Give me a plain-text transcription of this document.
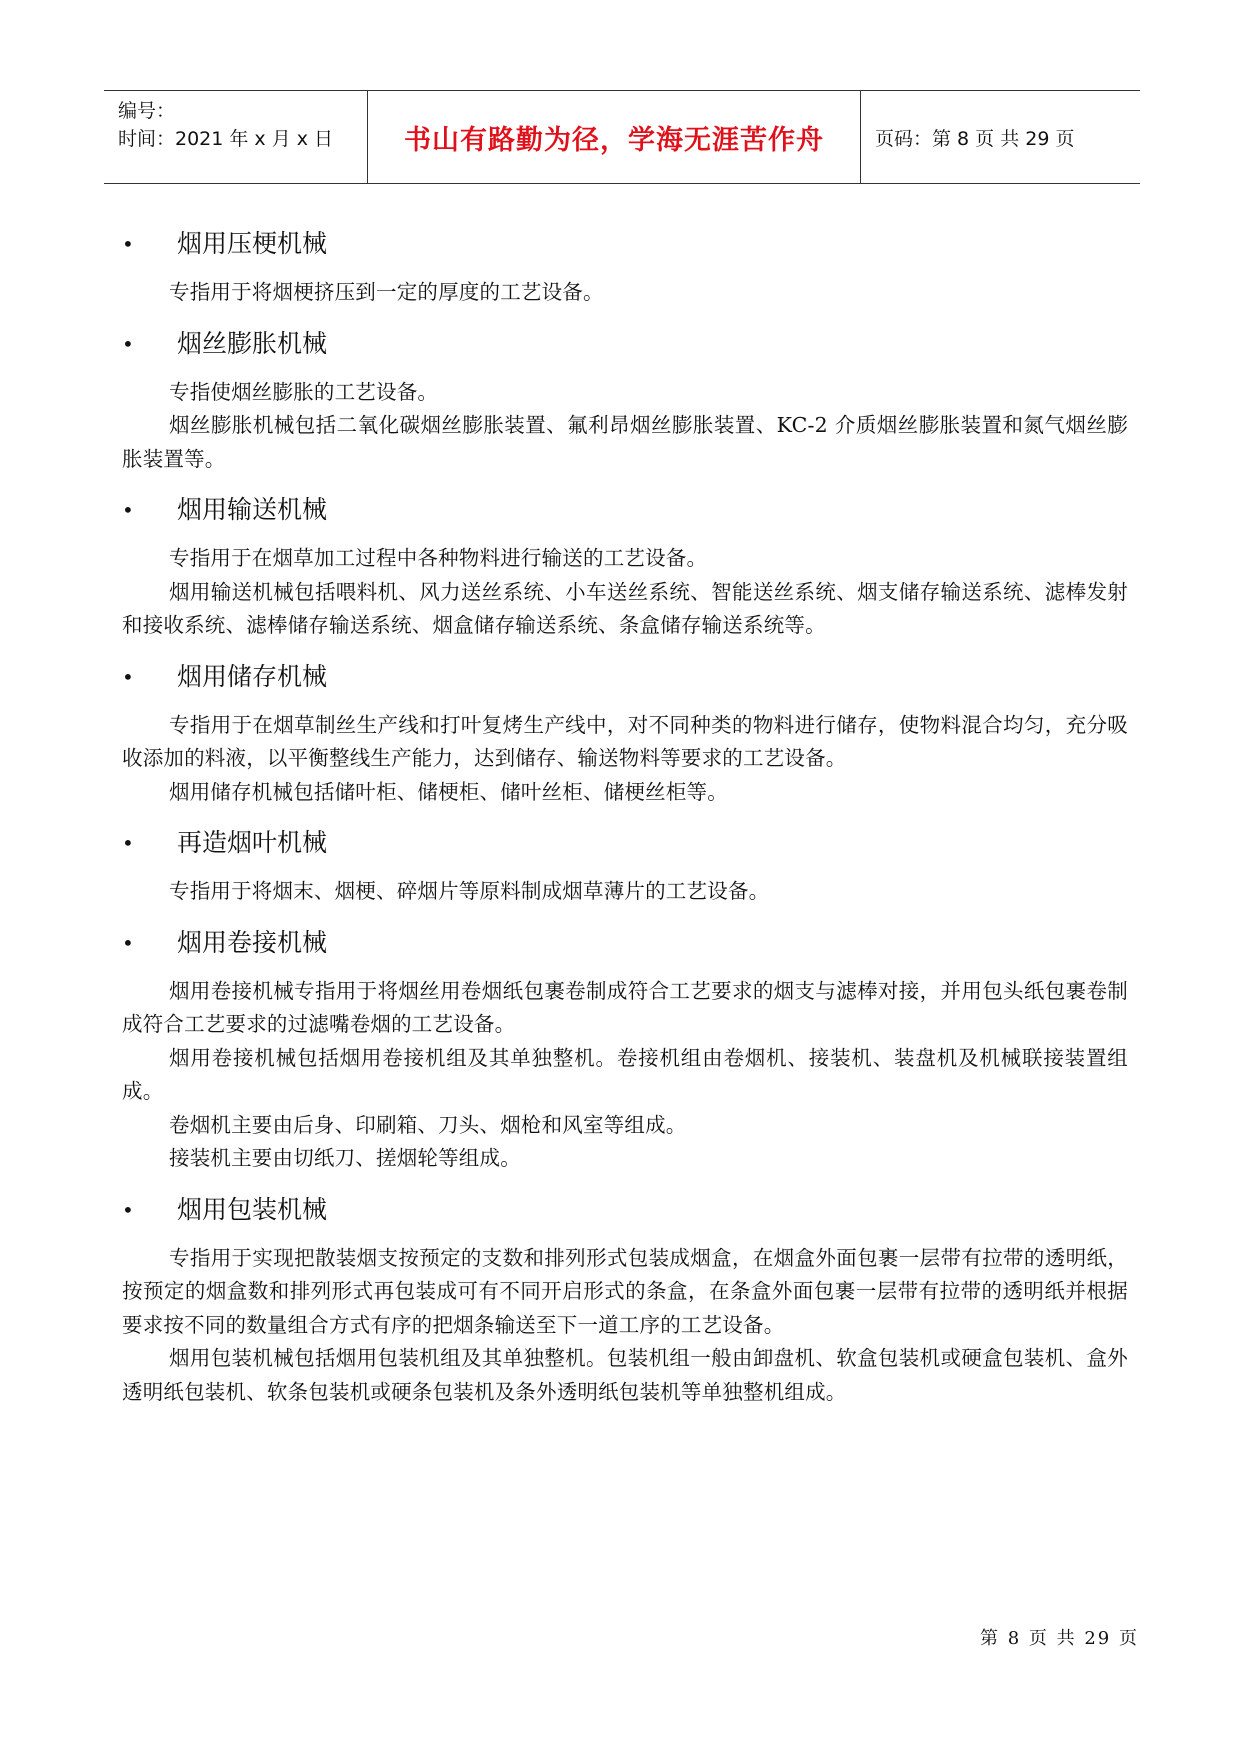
编号：
时间：2021 年 x 月 x 日	书山有路勤为径，学海无涯苦作舟	页码：第 8 页 共 29 页
• 烟用压梗机械

专指用于将烟梗挤压到一定的厚度的工艺设备。

• 烟丝膨胀机械

专指使烟丝膨胀的工艺设备。

烟丝膨胀机械包括二氧化碳烟丝膨胀装置、氟利昂烟丝膨胀装置、KC-2 介质烟丝膨胀装置和氮气烟丝膨胀装置等。

• 烟用输送机械

专指用于在烟草加工过程中各种物料进行输送的工艺设备。

烟用输送机械包括喂料机、风力送丝系统、小车送丝系统、智能送丝系统、烟支储存输送系统、滤棒发射和接收系统、滤棒储存输送系统、烟盒储存输送系统、条盒储存输送系统等。

• 烟用储存机械

专指用于在烟草制丝生产线和打叶复烤生产线中，对不同种类的物料进行储存，使物料混合均匀，充分吸收添加的料液，以平衡整线生产能力，达到储存、输送物料等要求的工艺设备。

烟用储存机械包括储叶柜、储梗柜、储叶丝柜、储梗丝柜等。

• 再造烟叶机械

专指用于将烟末、烟梗、碎烟片等原料制成烟草薄片的工艺设备。

• 烟用卷接机械

烟用卷接机械专指用于将烟丝用卷烟纸包裹卷制成符合工艺要求的烟支与滤棒对接，并用包头纸包裹卷制成符合工艺要求的过滤嘴卷烟的工艺设备。

烟用卷接机械包括烟用卷接机组及其单独整机。卷接机组由卷烟机、接装机、装盘机及机械联接装置组成。

卷烟机主要由后身、印刷箱、刀头、烟枪和风室等组成。

接装机主要由切纸刀、搓烟轮等组成。

• 烟用包装机械

专指用于实现把散装烟支按预定的支数和排列形式包装成烟盒，在烟盒外面包裹一层带有拉带的透明纸，按预定的烟盒数和排列形式再包装成可有不同开启形式的条盒，在条盒外面包裹一层带有拉带的透明纸并根据要求按不同的数量组合方式有序的把烟条输送至下一道工序的工艺设备。

烟用包装机械包括烟用包装机组及其单独整机。包装机组一般由卸盘机、软盒包装机或硬盒包装机、盒外透明纸包装机、软条包装机或硬条包装机及条外透明纸包装机等单独整机组成。

第 8 页 共 29 页
